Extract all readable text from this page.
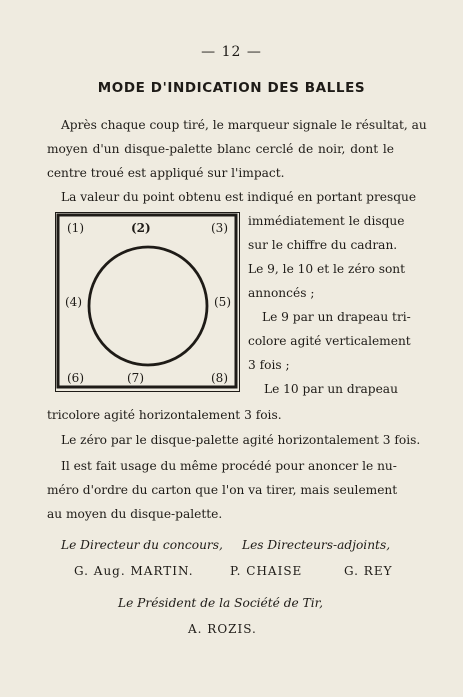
— 12 —
MODE D'INDICATION DES BALLES
Après chaque coup tiré, le marqueur signale le résultat, au
moyen d'un disque-palette blanc cerclé de noir, dont le
centre troué est appliqué sur l'impact.
La valeur du point obtenu est indiqué en portant presque
immédiatement le disque
sur le chiffre du cadran.
Le 9, le 10 et le zéro sont
annoncés ;
Le 9 par un drapeau tri-
colore agité verticalement
3 fois ;
Le 10 par un drapeau
tricolore agité horizontalement 3 fois.
Le zéro par le disque-palette agité horizontalement 3 fois.
Il est fait usage du même procédé pour anoncer le nu-
méro d'ordre du carton que l'on va tirer, mais seulement
au moyen du disque-palette.
(1)	(2)	(3)
(4)	(5)
(6)	(7)	(8)
Le Directeur du concours, Les Directeurs-adjoints,
G. Aug. MARTIN.	P. CHAISE	G. REY
Le Président de la Société de Tir,
A. ROZIS.
